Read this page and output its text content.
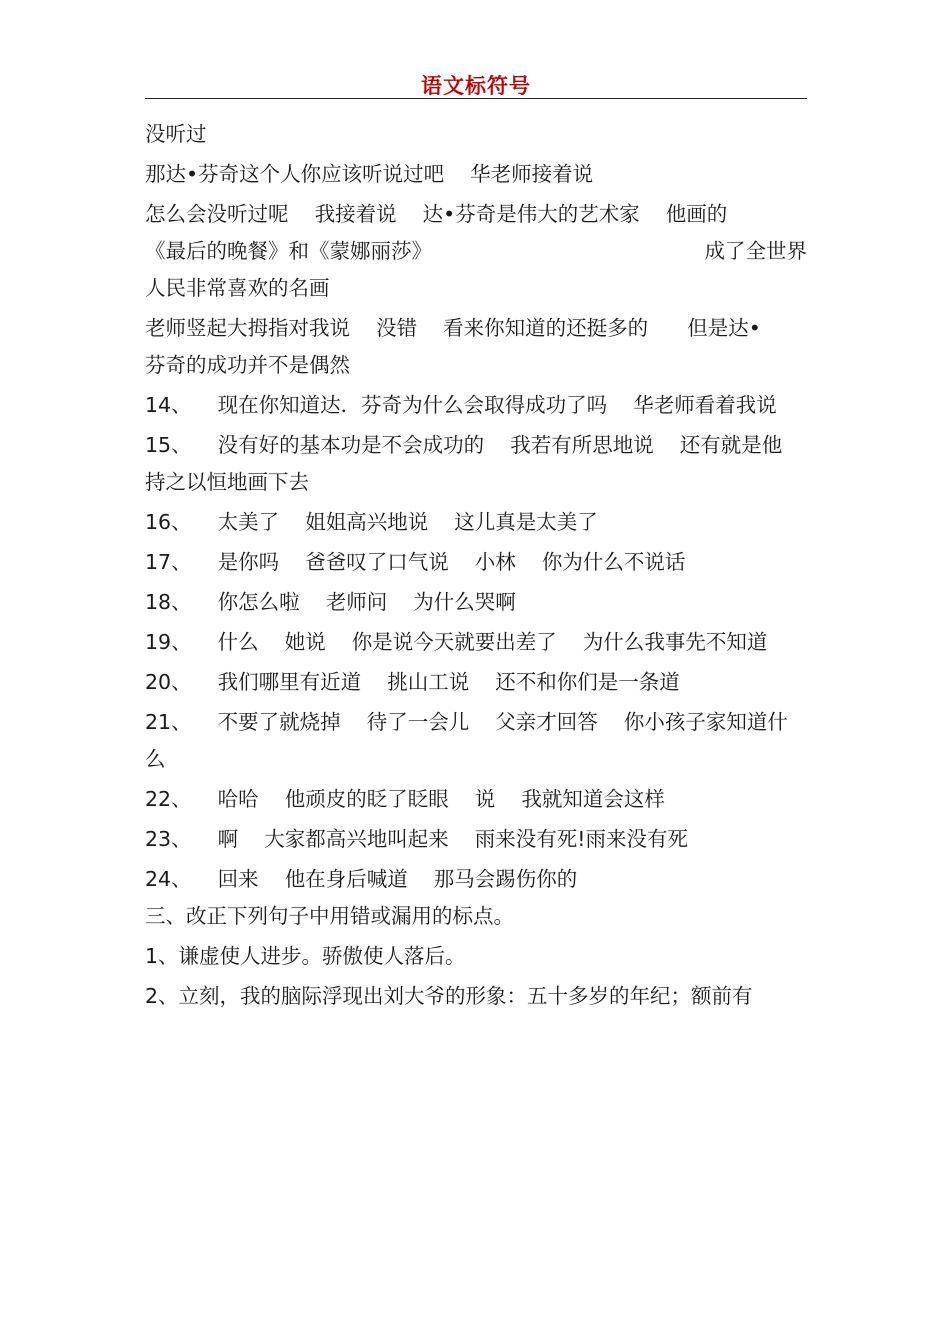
语文标符号
没听过
那达•芬奇这个人你应该听说过吧    华老师接着说
怎么会没听过呢    我接着说    达•芬奇是伟大的艺术家    他画的
《最后的晚餐》和《蒙娜丽莎》	成了全世界
人民非常喜欢的名画
老师竖起大拇指对我说    没错    看来你知道的还挺多的      但是达•
芬奇的成功并不是偶然
14、    现在你知道达．芬奇为什么会取得成功了吗    华老师看着我说
15、    没有好的基本功是不会成功的    我若有所思地说    还有就是他
持之以恒地画下去
16、    太美了    姐姐高兴地说    这儿真是太美了
17、    是你吗    爸爸叹了口气说    小林    你为什么不说话
18、    你怎么啦    老师问    为什么哭啊
19、    什么    她说    你是说今天就要出差了    为什么我事先不知道
20、    我们哪里有近道    挑山工说    还不和你们是一条道
21、    不要了就烧掉    待了一会儿    父亲才回答    你小孩子家知道什
么
22、    哈哈    他顽皮的眨了眨眼    说    我就知道会这样
23、    啊    大家都高兴地叫起来    雨来没有死!雨来没有死
24、    回来    他在身后喊道    那马会踢伤你的
三、改正下列句子中用错或漏用的标点。
1、谦虚使人进步。骄傲使人落后。
2、立刻，我的脑际浮现出刘大爷的形象：五十多岁的年纪；额前有
